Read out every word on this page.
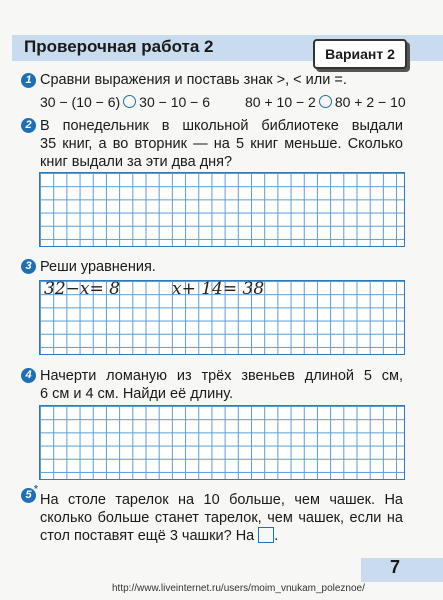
Проверочная работа 2	Вариант 2
1 Сравни выражения и поставь знак >, < или =.
30 − (10 − 6) 30 − 10 − 6 80 + 10 − 2 80 + 2 − 10
2 В понедельник в школьной библиотеке выдали
35 книг, а во вторник — на 5 книг меньше. Сколько
книг выдали за эти два дня?
3 Реши уравнения.
32−x= 8	x+ 14= 38
4 Начерти ломаную из трёх звеньев длиной 5 см,
6 см и 4 см. Найди её длину.
5 *
На столе тарелок на 10 больше, чем чашек. На
сколько больше станет тарелок, чем чашек, если на
стол поставят ещё 3 чашки? На .
7
http://www.liveinternet.ru/users/moim_vnukam_poleznoe/
